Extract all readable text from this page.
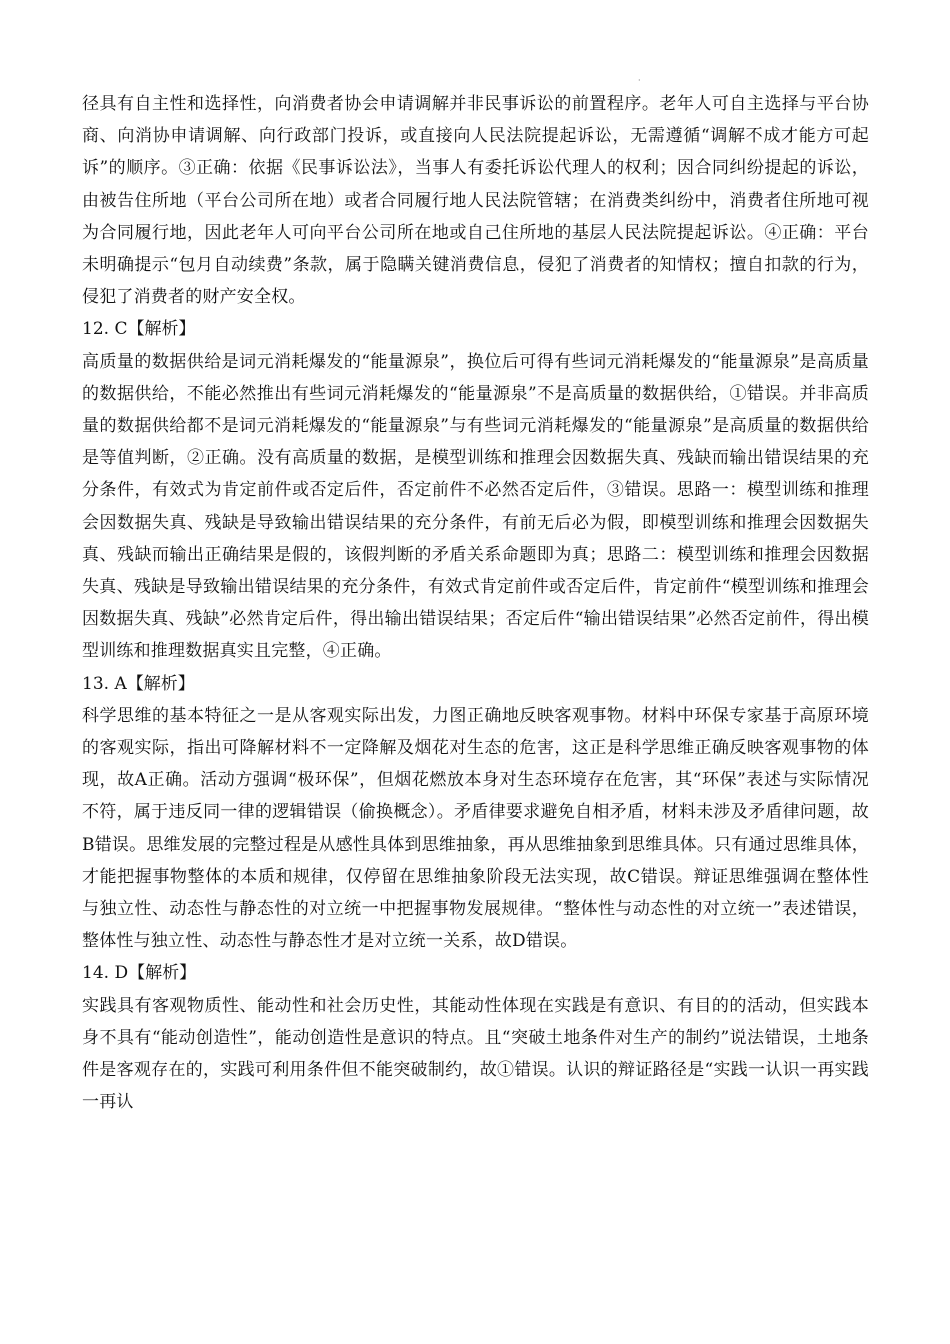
·

径具有自主性和选择性，向消费者协会申请调解并非民事诉讼的前置程序。老年人可自主选择与平台协商、向消协申请调解、向行政部门投诉，或直接向人民法院提起诉讼，无需遵循“调解不成才能方可起诉”的顺序。③正确：依据《民事诉讼法》，当事人有委托诉讼代理人的权利；因合同纠纷提起的诉讼，由被告住所地（平台公司所在地）或者合同履行地人民法院管辖；在消费类纠纷中，消费者住所地可视为合同履行地，因此老年人可向平台公司所在地或自己住所地的基层人民法院提起诉讼。④正确：平台未明确提示“包月自动续费”条款，属于隐瞒关键消费信息，侵犯了消费者的知情权；擅自扣款的行为，侵犯了消费者的财产安全权。

12. C【解析】

高质量的数据供给是词元消耗爆发的“能量源泉”，换位后可得有些词元消耗爆发的“能量源泉”是高质量的数据供给，不能必然推出有些词元消耗爆发的“能量源泉”不是高质量的数据供给，①错误。并非高质量的数据供给都不是词元消耗爆发的“能量源泉”与有些词元消耗爆发的“能量源泉”是高质量的数据供给是等值判断，②正确。没有高质量的数据，是模型训练和推理会因数据失真、残缺而输出错误结果的充分条件，有效式为肯定前件或否定后件，否定前件不必然否定后件，③错误。思路一：模型训练和推理会因数据失真、残缺是导致输出错误结果的充分条件，有前无后必为假，即模型训练和推理会因数据失真、残缺而输出正确结果是假的，该假判断的矛盾关系命题即为真；思路二：模型训练和推理会因数据失真、残缺是导致输出错误结果的充分条件，有效式肯定前件或否定后件，肯定前件“模型训练和推理会因数据失真、残缺”必然肯定后件，得出输出错误结果；否定后件“输出错误结果”必然否定前件，得出模型训练和推理数据真实且完整，④正确。

13. A【解析】

科学思维的基本特征之一是从客观实际出发，力图正确地反映客观事物。材料中环保专家基于高原环境的客观实际，指出可降解材料不一定降解及烟花对生态的危害，这正是科学思维正确反映客观事物的体现，故A正确。活动方强调“极环保”，但烟花燃放本身对生态环境存在危害，其“环保”表述与实际情况不符，属于违反同一律的逻辑错误（偷换概念）。矛盾律要求避免自相矛盾，材料未涉及矛盾律问题，故B错误。思维发展的完整过程是从感性具体到思维抽象，再从思维抽象到思维具体。只有通过思维具体，才能把握事物整体的本质和规律，仅停留在思维抽象阶段无法实现，故C错误。辩证思维强调在整体性与独立性、动态性与静态性的对立统一中把握事物发展规律。“整体性与动态性的对立统一”表述错误，整体性与独立性、动态性与静态性才是对立统一关系，故D错误。

14. D【解析】

实践具有客观物质性、能动性和社会历史性，其能动性体现在实践是有意识、有目的的活动，但实践本身不具有“能动创造性”，能动创造性是意识的特点。且“突破土地条件对生产的制约”说法错误，土地条件是客观存在的，实践可利用条件但不能突破制约，故①错误。认识的辩证路径是“实践一认识一再实践一再认
